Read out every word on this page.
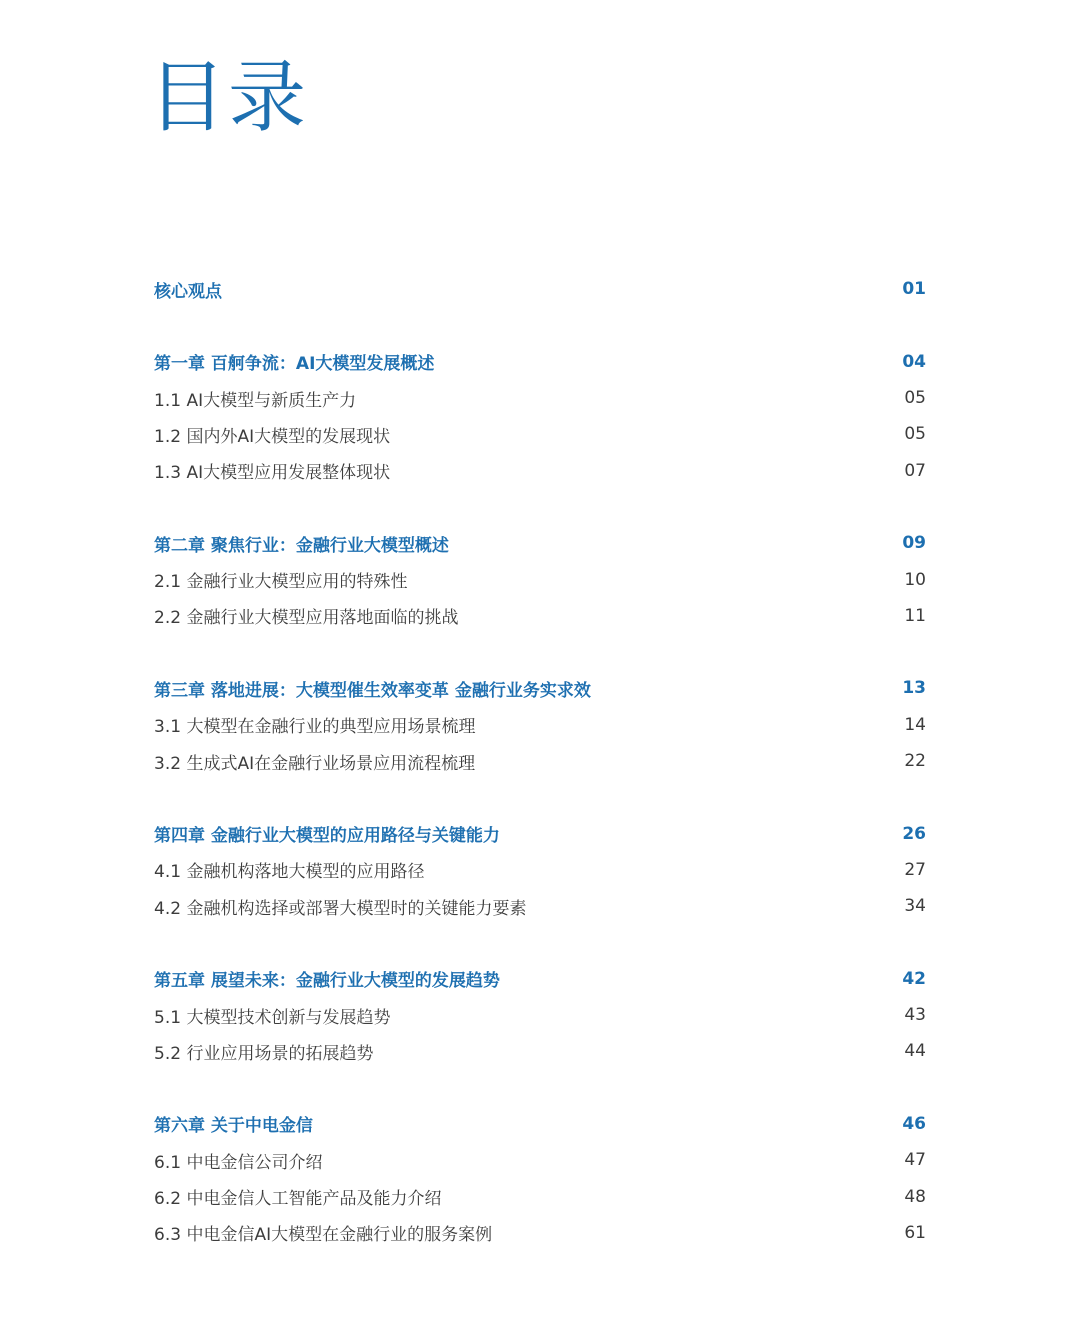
目录
核心观点	01
第一章 百舸争流：AI大模型发展概述	04
1.1 AI大模型与新质生产力	05
1.2 国内外AI大模型的发展现状	05
1.3 AI大模型应用发展整体现状	07
第二章 聚焦行业：金融行业大模型概述	09
2.1 金融行业大模型应用的特殊性	10
2.2 金融行业大模型应用落地面临的挑战	11
第三章 落地进展：大模型催生效率变革 金融行业务实求效	13
3.1 大模型在金融行业的典型应用场景梳理	14
3.2 生成式AI在金融行业场景应用流程梳理	22
第四章 金融行业大模型的应用路径与关键能力	26
4.1 金融机构落地大模型的应用路径	27
4.2 金融机构选择或部署大模型时的关键能力要素	34
第五章 展望未来：金融行业大模型的发展趋势	42
5.1 大模型技术创新与发展趋势	43
5.2 行业应用场景的拓展趋势	44
第六章 关于中电金信	46
6.1 中电金信公司介绍	47
6.2 中电金信人工智能产品及能力介绍	48
6.3 中电金信AI大模型在金融行业的服务案例	61
